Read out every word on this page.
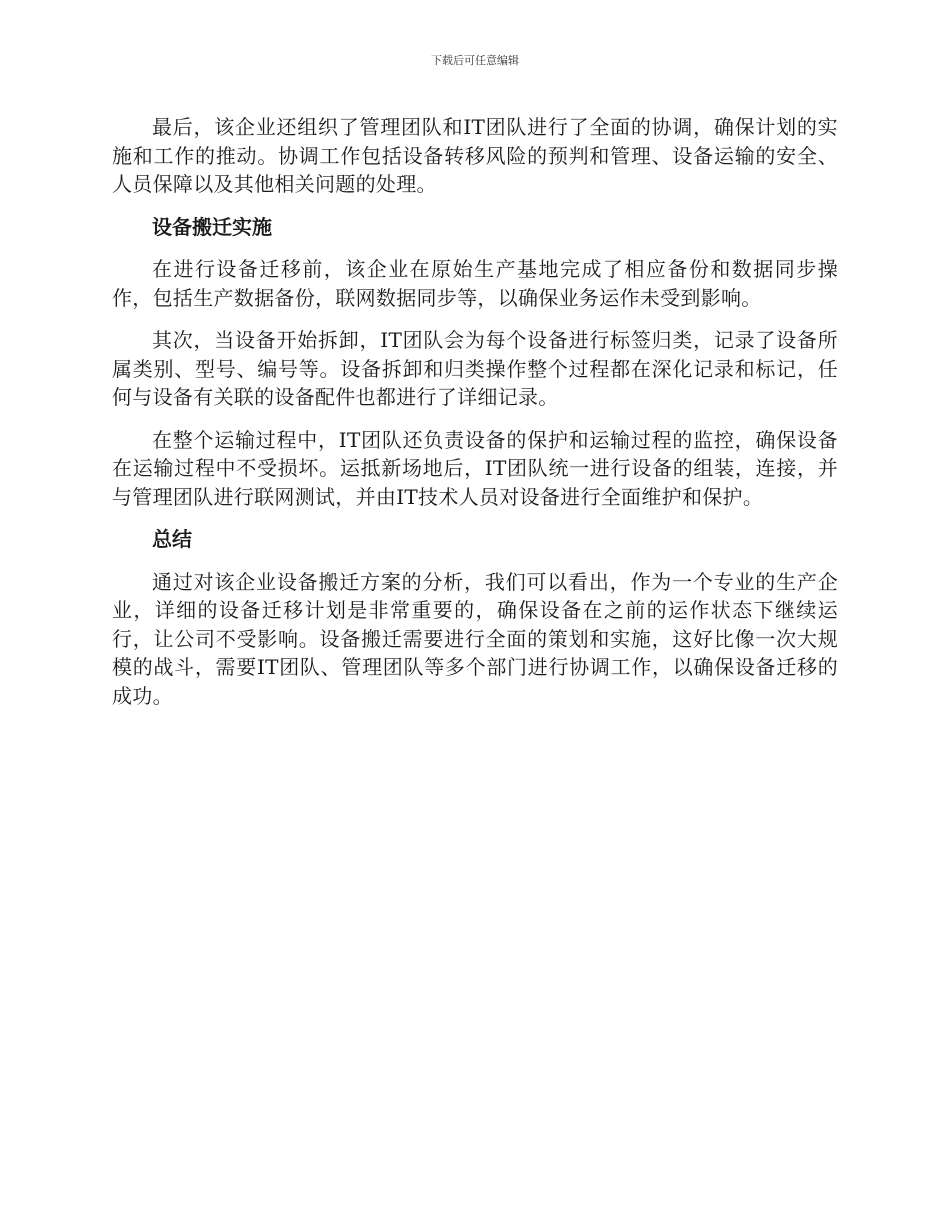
下载后可任意编辑

最后，该企业还组织了管理团队和IT团队进行了全面的协调，确保计划的实施和工作的推动。协调工作包括设备转移风险的预判和管理、设备运输的安全、人员保障以及其他相关问题的处理。

设备搬迁实施

在进行设备迁移前，该企业在原始生产基地完成了相应备份和数据同步操作，包括生产数据备份，联网数据同步等，以确保业务运作未受到影响。

其次，当设备开始拆卸，IT团队会为每个设备进行标签归类，记录了设备所属类别、型号、编号等。设备拆卸和归类操作整个过程都在深化记录和标记，任何与设备有关联的设备配件也都进行了详细记录。

在整个运输过程中，IT团队还负责设备的保护和运输过程的监控，确保设备在运输过程中不受损坏。运抵新场地后，IT团队统一进行设备的组装，连接，并与管理团队进行联网测试，并由IT技术人员对设备进行全面维护和保护。

总结

通过对该企业设备搬迁方案的分析，我们可以看出，作为一个专业的生产企业，详细的设备迁移计划是非常重要的，确保设备在之前的运作状态下继续运行，让公司不受影响。设备搬迁需要进行全面的策划和实施，这好比像一次大规模的战斗，需要IT团队、管理团队等多个部门进行协调工作，以确保设备迁移的成功。
